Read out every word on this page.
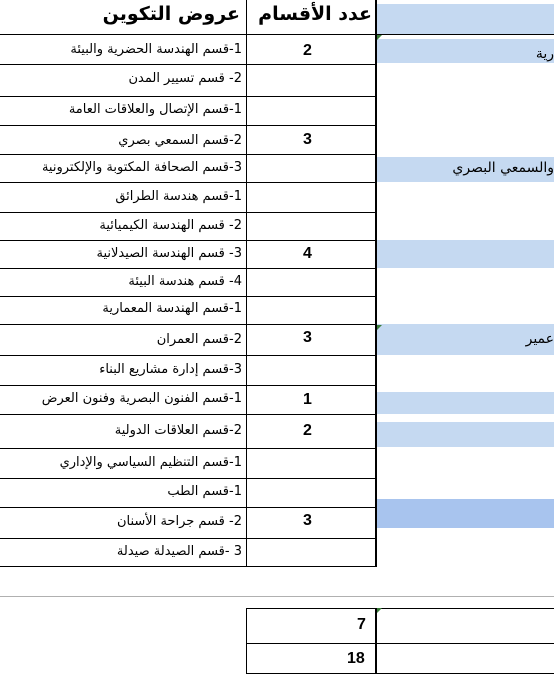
عروض التكوين عدد الأقسام
1-قسم الهندسة الحضرية والبيئة
2- قسم تسيير المدن
1-قسم الإتصال والعلاقات العامة
2-قسم السمعي بصري
3-قسم الصحافة المكتوبة والإلكترونية
1-قسم هندسة الطرائق
2- قسم الهندسة الكيميائية
3- قسم الهندسة الصيدلانية
4- قسم هندسة البيئة
1-قسم الهندسة المعمارية
2-قسم العمران
3-قسم إدارة مشاريع البناء
1-قسم الفنون البصرية وفنون العرض
2-قسم العلاقات الدولية
1-قسم التنظيم السياسي والإداري
1-قسم الطب
2- قسم جراحة الأسنان
3 -قسم الصيدلة صيدلة
2
3
4
3
1
2
3
رية
والسمعي البصري
عمير
7
18
